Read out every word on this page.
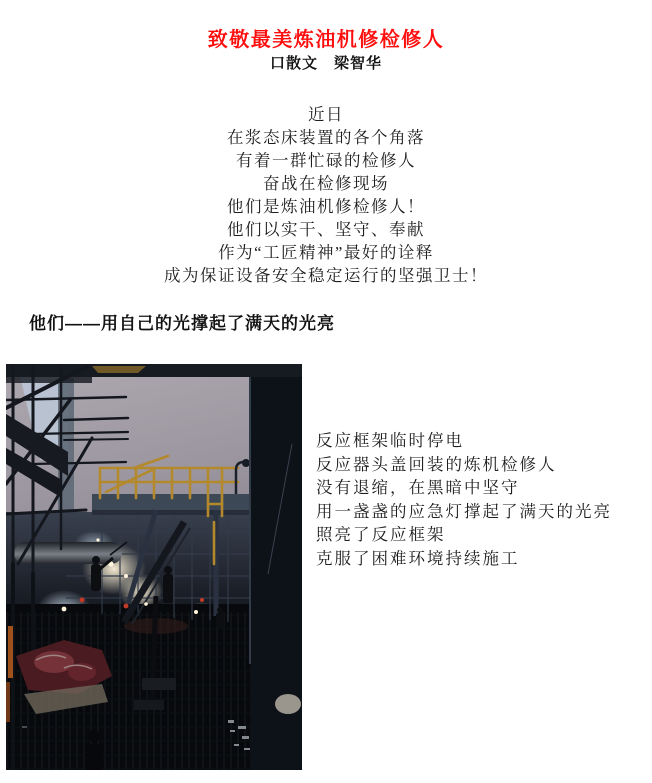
致敬最美炼油机修检修人
口散文　梁智华
近日
在浆态床装置的各个角落
有着一群忙碌的检修人
奋战在检修现场
他们是炼油机修检修人！
他们以实干、坚守、奉献
作为“工匠精神”最好的诠释
成为保证设备安全稳定运行的坚强卫士！
他们——用自己的光撑起了满天的光亮
反应框架临时停电
反应器头盖回装的炼机检修人
没有退缩，在黑暗中坚守
用一盏盏的应急灯撑起了满天的光亮
照亮了反应框架
克服了困难环境持续施工
